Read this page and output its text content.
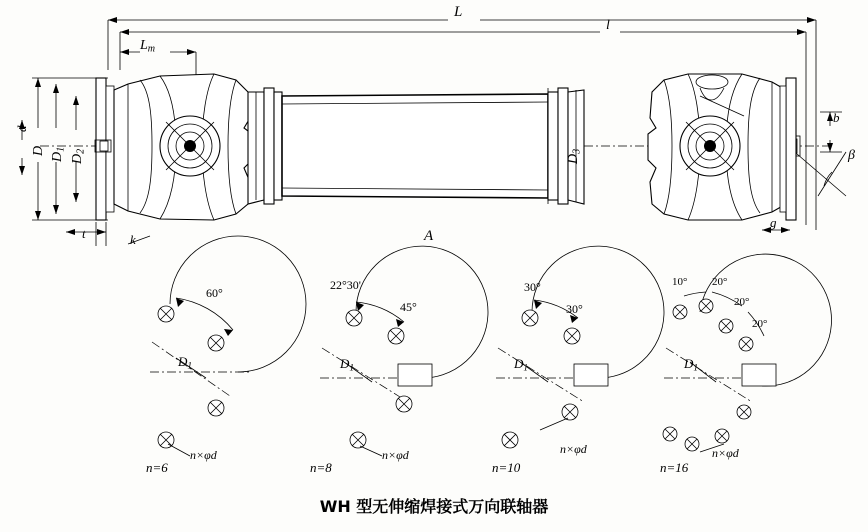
L
l
$L_m$
d
D
$D_1$
$D_2$
$D_3$
t	k
g
b
β
A
60°
$D_1$
n×φd
n=6
22°30'
45°
$D_1$
n×φd
n=8
30°
30°
$D_1$
n×φd
n=10
10° 20°
20°
20°
$D_1$
n×φd
n=16
WH 型无伸缩焊接式万向联轴器
